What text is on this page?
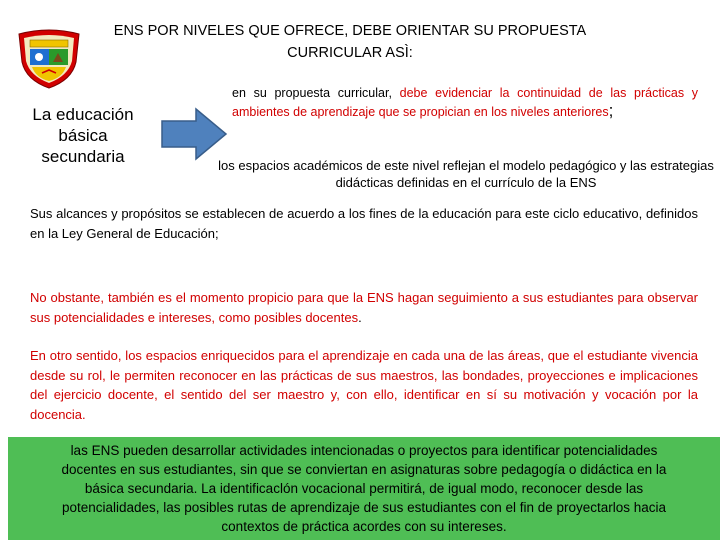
ENS POR NIVELES QUE OFRECE, DEBE ORIENTAR SU PROPUESTA
CURRICULAR ASÌ:
La educación
básica
secundaria
en su propuesta curricular, debe evidenciar la continuidad de las prácticas y ambientes de aprendizaje que se propician en los niveles anteriores;
los espacios académicos de este nivel reflejan el modelo pedagógico y las estrategias didácticas definidas en el currículo de la ENS
Sus alcances y propósitos se establecen de acuerdo a los fines de la educación para este ciclo educativo, definidos en la Ley General de Educación;
No obstante, también es el momento propicio para que la ENS hagan seguimiento a sus estudiantes para observar sus potencialidades e intereses, como posibles docentes.
En otro sentido, los espacios enriquecidos para el aprendizaje en cada una de las áreas, que el estudiante vivencia desde su rol, le permiten reconocer en las prácticas de sus maestros, las bondades, proyecciones e implicaciones del ejercicio docente, el sentido del ser maestro y, con ello, identificar en sí su motivación y vocación por la docencia.
las ENS pueden desarrollar actividades intencionadas o proyectos para identificar potencialidades docentes en sus estudiantes, sin que se conviertan en asignaturas sobre pedagogía o didáctica en la básica secundaria. La identificaclón vocacional permitirá, de igual modo, reconocer desde las potencialidades, las posibles rutas de aprendizaje de sus estudiantes con el fin de proyectarlos hacia contextos de práctica acordes con su intereses.
